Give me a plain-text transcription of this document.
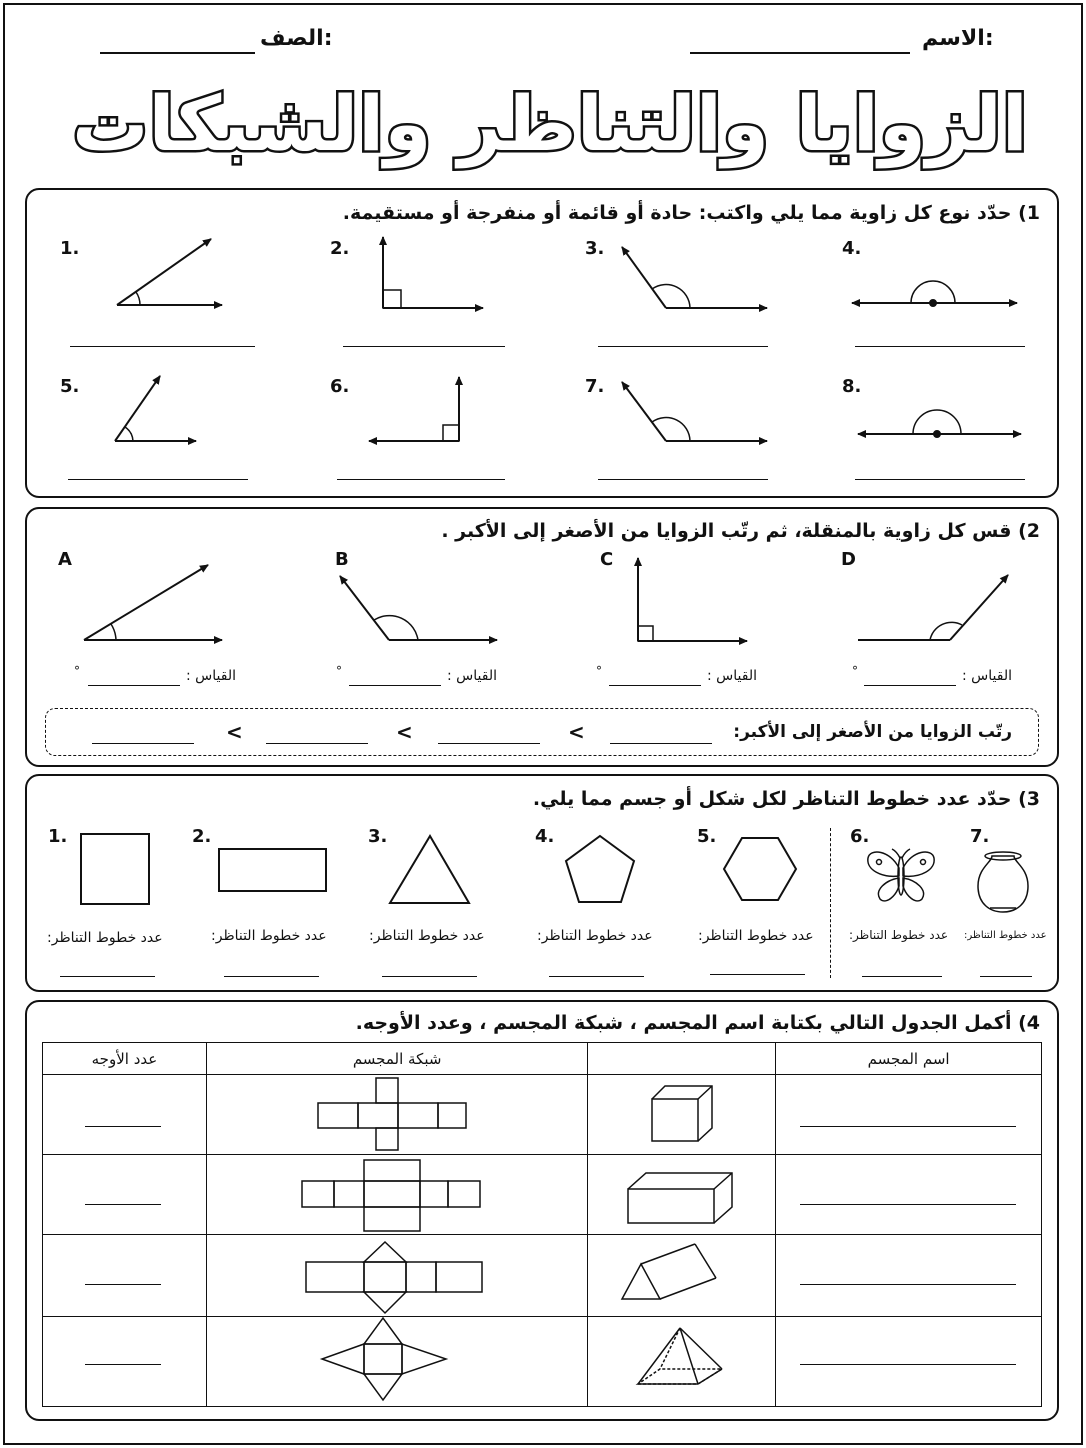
الاسم:
الصف:
الزوايا والتناظر والشبكات
1) حدّد نوع كل زاوية مما يلي واكتب: حادة أو قائمة أو منفرجة أو مستقيمة.
1.	2.	3.	4.
5.	6.	7.	8.
2) قس كل زاوية بالمنقلة، ثم رتّب الزوايا من الأصغر إلى الأكبر .
A	B	C	D
القياس :
°	القياس :
°	القياس :
°	القياس :
°
رتّب الزوايا من الأصغر إلى الأكبر:
<
<
<
3) حدّد عدد خطوط التناظر لكل شكل أو جسم مما يلي.
1.	2.	3.	4.	5.	6.	7.
عدد خطوط التناظر:	عدد خطوط التناظر:	عدد خطوط التناظر:	عدد خطوط التناظر:	عدد خطوط التناظر:	عدد خطوط التناظر: عدد خطوط التناظر:
4) أكمل الجدول التالي بكتابة اسم المجسم ، شبكة المجسم ، وعدد الأوجه.
عدد الأوجه	شبكة المجسم		اسم المجسم
